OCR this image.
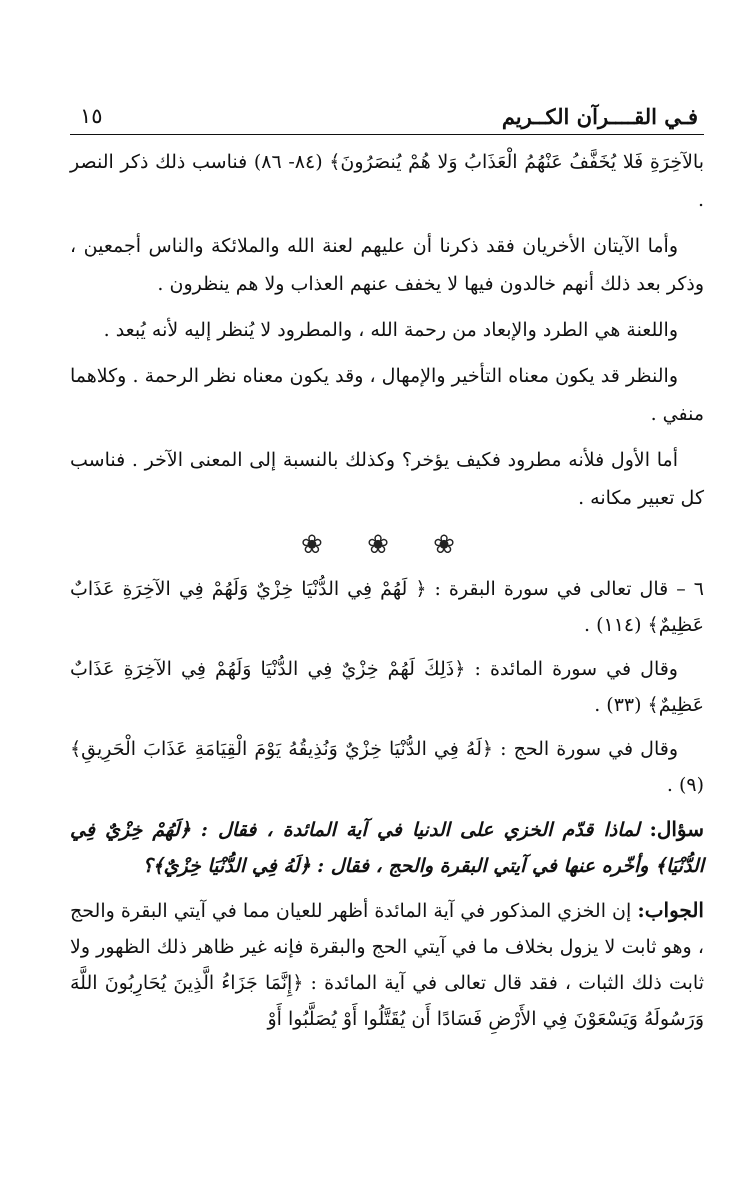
فـي القــــرآن الكــريم
١٥

بالآخِرَةِ فَلا يُخَفَّفُ عَنْهُمُ الْعَذَابُ وَلا هُمْ يُنصَرُونَ﴾ (٨٤- ٨٦) فناسب ذلك ذكر النصر .

وأما الآيتان الأخريان فقد ذكرنا أن عليهم لعنة الله والملائكة والناس أجمعين ، وذكر بعد ذلك أنهم خالدون فيها لا يخفف عنهم العذاب ولا هم ينظرون .

واللعنة هي الطرد والإبعاد من رحمة الله ، والمطرود لا يُنظر إليه لأنه يُبعد .

والنظر قد يكون معناه التأخير والإمهال ، وقد يكون معناه نظر الرحمة . وكلاهما منفي .

أما الأول فلأنه مطرود فكيف يؤخر؟ وكذلك بالنسبة إلى المعنى الآخر . فناسب كل تعبير مكانه .

❀ ❀ ❀

٦ – قال تعالى في سورة البقرة : ﴿ لَهُمْ فِي الدُّنْيَا خِزْيٌ وَلَهُمْ فِي الآخِرَةِ عَذَابٌ عَظِيمٌ﴾ (١١٤) .

وقال في سورة المائدة : ﴿ذَلِكَ لَهُمْ خِزْيٌ فِي الدُّنْيَا وَلَهُمْ فِي الآخِرَةِ عَذَابٌ عَظِيمٌ﴾ (٣٣) .

وقال في سورة الحج : ﴿لَهُ فِي الدُّنْيَا خِزْيٌ وَنُذِيقُهُ يَوْمَ الْقِيَامَةِ عَذَابَ الْحَرِيقِ﴾ (٩) .

سؤال: لماذا قدّم الخزي على الدنيا في آية المائدة ، فقال : ﴿لَهُمْ خِزْيٌ فِي الدُّنْيَا﴾ وأخّره عنها في آيتي البقرة والحج ، فقال : ﴿لَهُ فِي الدُّنْيَا خِزْيٌ﴾؟

الجواب: إن الخزي المذكور في آية المائدة أظهر للعيان مما في آيتي البقرة والحج ، وهو ثابت لا يزول بخلاف ما في آيتي الحج والبقرة فإنه غير ظاهر ذلك الظهور ولا ثابت ذلك الثبات ، فقد قال تعالى في آية المائدة : ﴿إِنَّمَا جَزَاءُ الَّذِينَ يُحَارِبُونَ اللَّهَ وَرَسُولَهُ وَيَسْعَوْنَ فِي الأَرْضِ فَسَادًا أَن يُقَتَّلُوا أَوْ يُصَلَّبُوا أَوْ
